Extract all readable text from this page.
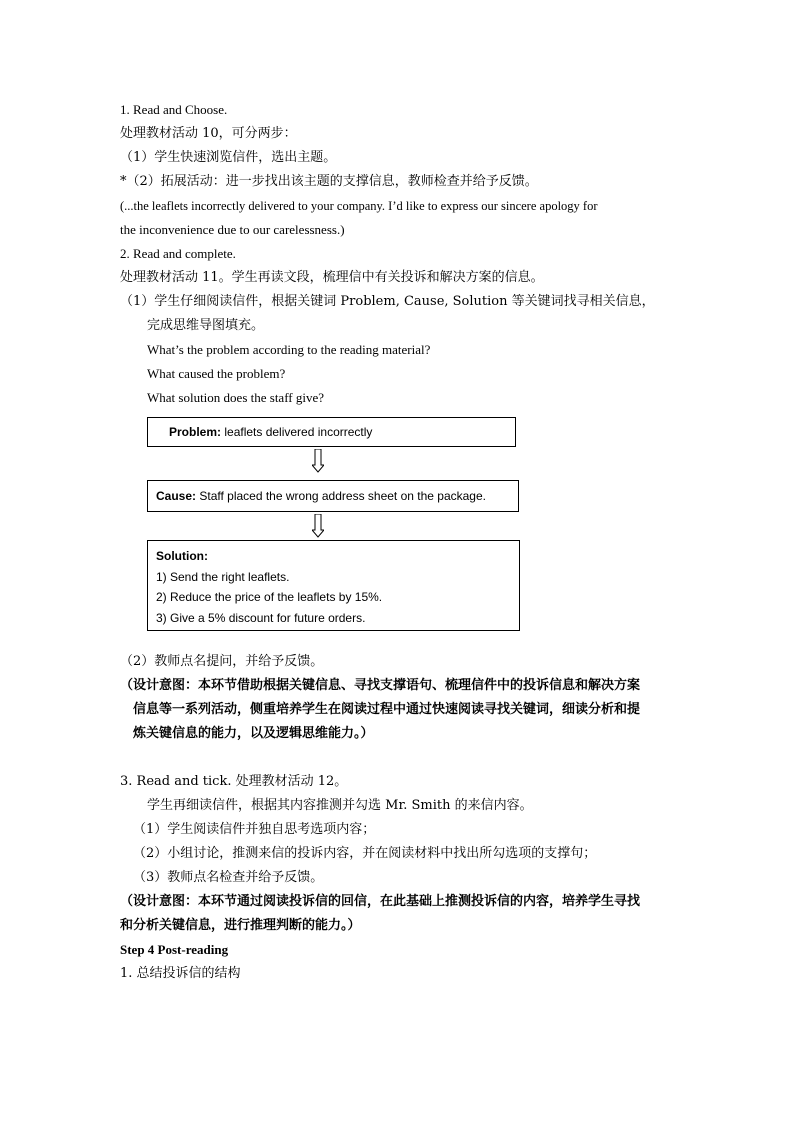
1. Read and Choose.
处理教材活动 10，可分两步：
（1）学生快速浏览信件，选出主题。
*（2）拓展活动：进一步找出该主题的支撑信息，教师检查并给予反馈。
(...the leaflets incorrectly delivered to your company. I’d like to express our sincere apology for
the inconvenience due to our carelessness.)
2. Read and complete.
处理教材活动 11。学生再读文段，梳理信中有关投诉和解决方案的信息。
（1）学生仔细阅读信件，根据关键词 Problem, Cause, Solution 等关键词找寻相关信息，
完成思维导图填充。
What’s the problem according to the reading material?
What caused the problem?
What solution does the staff give?
Problem: leaflets delivered incorrectly
Cause: Staff placed the wrong address sheet on the package.
Solution:
1) Send the right leaflets.
2) Reduce the price of the leaflets by 15%.
3) Give a 5% discount for future orders.
（2）教师点名提问，并给予反馈。
（设计意图：本环节借助根据关键信息、寻找支撑语句、梳理信件中的投诉信息和解决方案
信息等一系列活动，侧重培养学生在阅读过程中通过快速阅读寻找关键词，细读分析和提
炼关键信息的能力，以及逻辑思维能力。）
3. Read and tick. 处理教材活动 12。
学生再细读信件，根据其内容推测并勾选 Mr. Smith 的来信内容。
（1）学生阅读信件并独自思考选项内容；
（2）小组讨论，推测来信的投诉内容，并在阅读材料中找出所勾选项的支撑句；
（3）教师点名检查并给予反馈。
（设计意图：本环节通过阅读投诉信的回信，在此基础上推测投诉信的内容，培养学生寻找
和分析关键信息，进行推理判断的能力。）
Step 4 Post-reading
1. 总结投诉信的结构
